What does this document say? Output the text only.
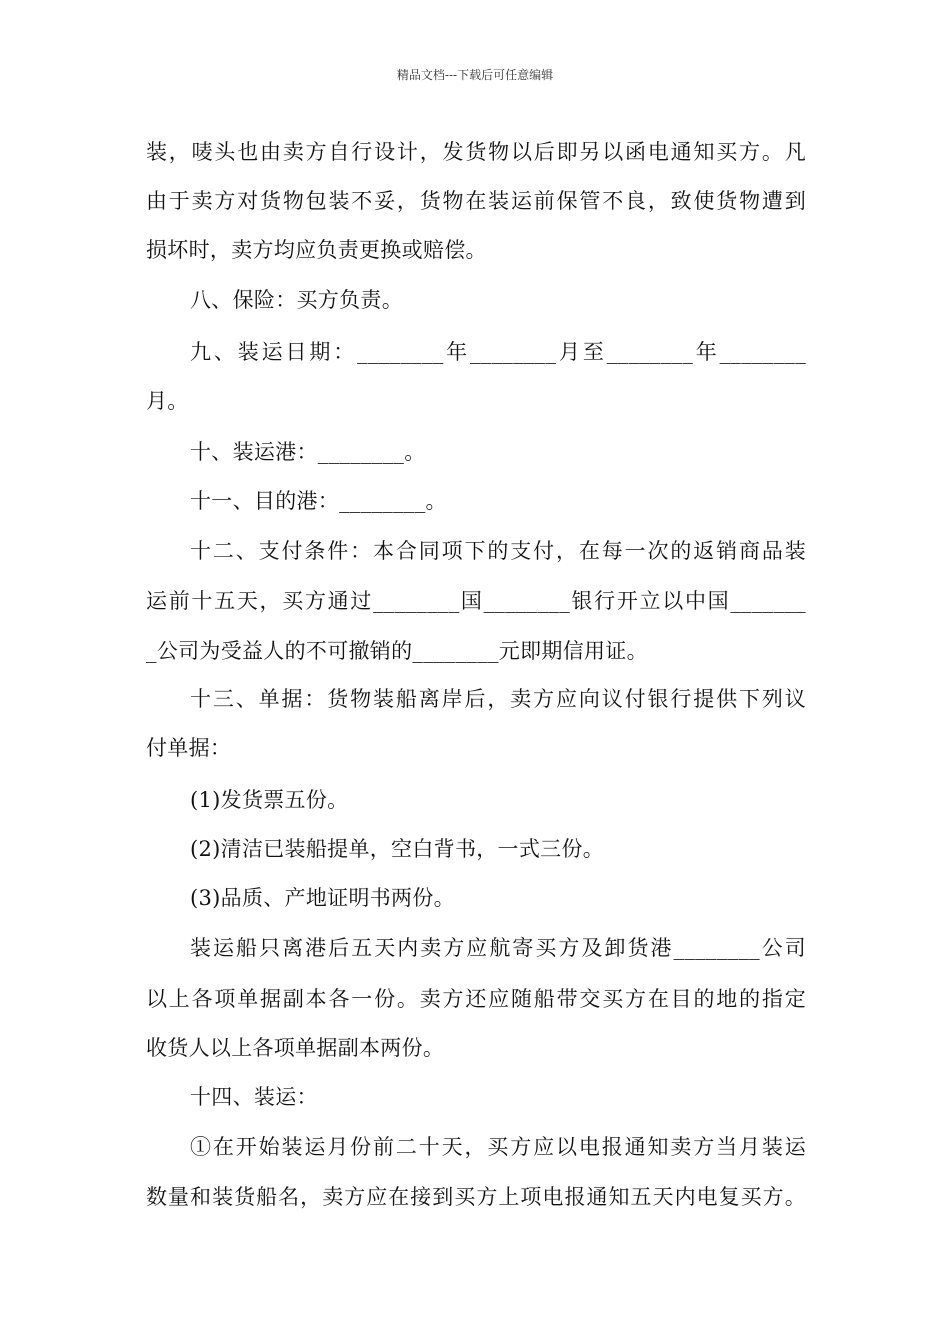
精品文档---下载后可任意编辑
装，唛头也由卖方自行设计，发货物以后即另以函电通知买方。凡
由于卖方对货物包装不妥，货物在装运前保管不良，致使货物遭到
损坏时，卖方均应负责更换或赔偿。
八、保险：买方负责。
九、装运日期：________年________月至________年________
月。
十、装运港：________。
十一、目的港：________。
十二、支付条件：本合同项下的支付，在每一次的返销商品装
运前十五天，买方通过________国________银行开立以中国_______
_公司为受益人的不可撤销的________元即期信用证。
十三、单据：货物装船离岸后，卖方应向议付银行提供下列议
付单据：
(1)发货票五份。
(2)清洁已装船提单，空白背书，一式三份。
(3)品质、产地证明书两份。
装运船只离港后五天内卖方应航寄买方及卸货港________公司
以上各项单据副本各一份。卖方还应随船带交买方在目的地的指定
收货人以上各项单据副本两份。
十四、装运：
①在开始装运月份前二十天，买方应以电报通知卖方当月装运
数量和装货船名，卖方应在接到买方上项电报通知五天内电复买方。
